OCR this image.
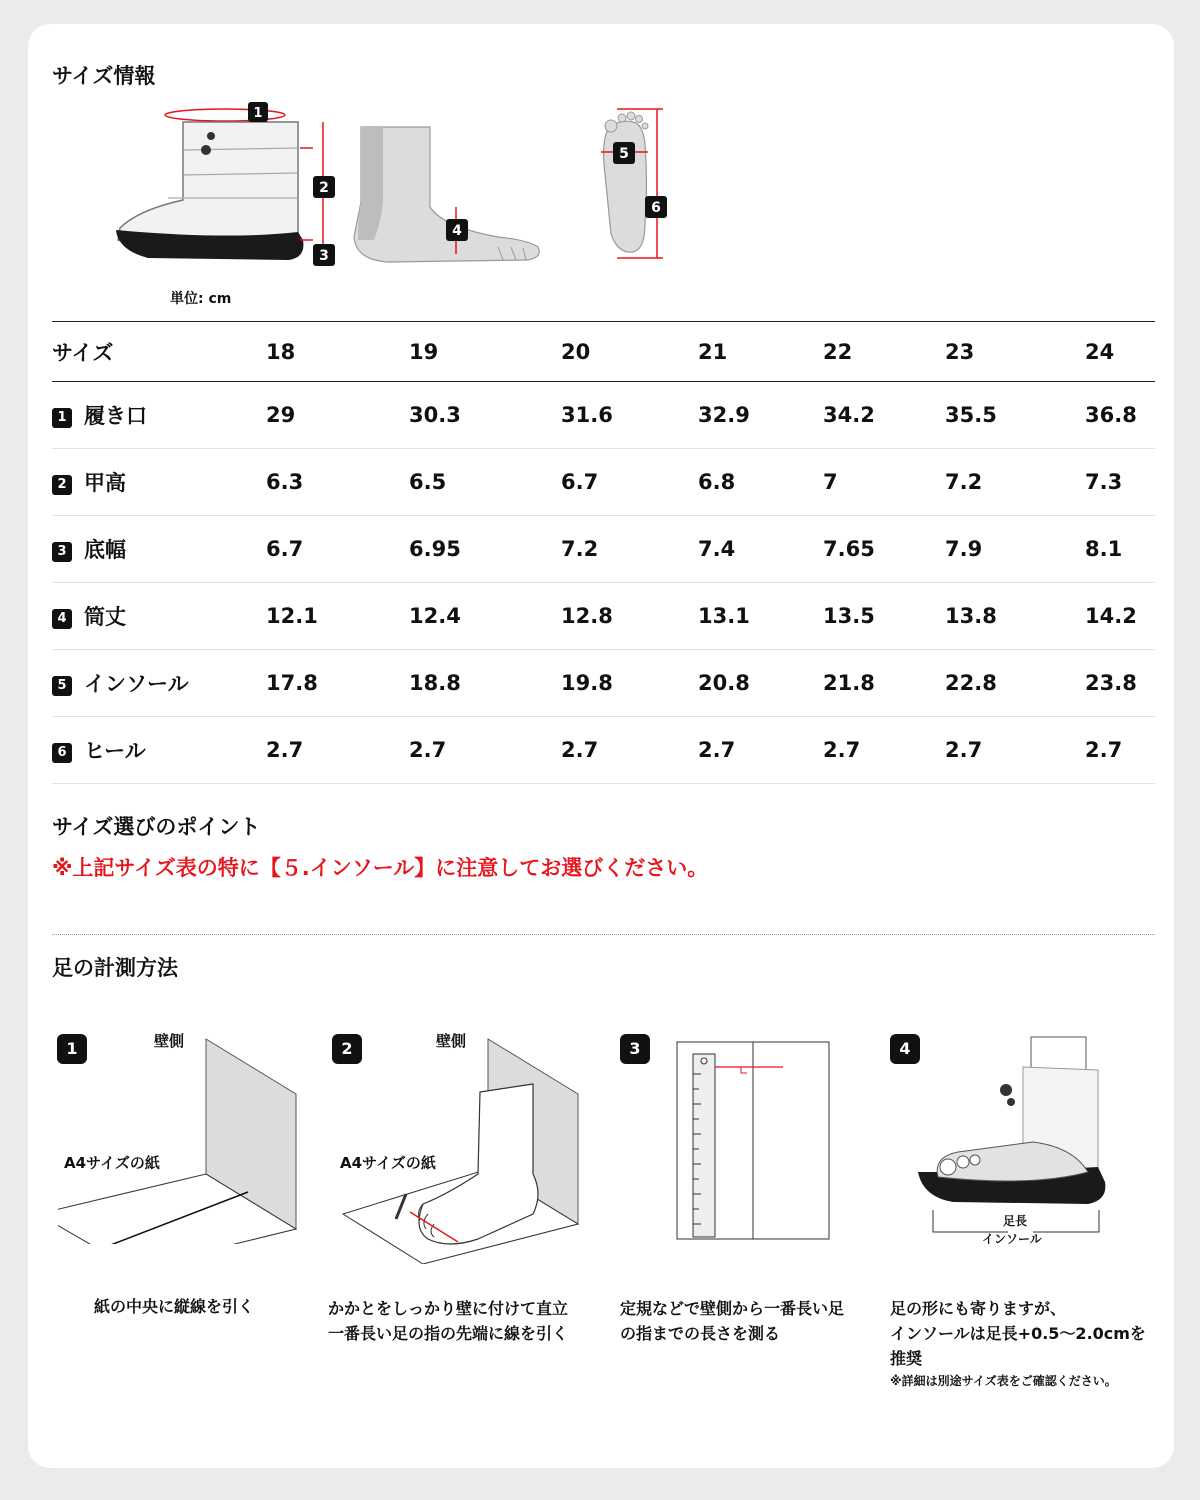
サイズ情報
1
2
3
単位: cm
4
5
6
サイズ	18	19	20	21	22	23	24
1 履き口	29	30.3	31.6	32.9	34.2	35.5	36.8
2 甲高	6.3	6.5	6.7	6.8	7	7.2	7.3
3 底幅	6.7	6.95	7.2	7.4	7.65	7.9	8.1
4 筒丈	12.1	12.4	12.8	13.1	13.5	13.8	14.2
5 インソール	17.8	18.8	19.8	20.8	21.8	22.8	23.8
6 ヒール	2.7	2.7	2.7	2.7	2.7	2.7	2.7
サイズ選びのポイント
※上記サイズ表の特に【５.インソール】に注意してお選びください。
足の計測方法
1	壁側
A4サイズの紙
紙の中央に縦線を引く
2	壁側
A4サイズの紙
かかとをしっかり壁に付けて直立
一番長い足の指の先端に線を引く
3
定規などで壁側から一番長い足
の指までの長さを測る
4
足長
インソール
足の形にも寄りますが、
インソールは足長+0.5～2.0cmを
推奨
※詳細は別途サイズ表をご確認ください。
